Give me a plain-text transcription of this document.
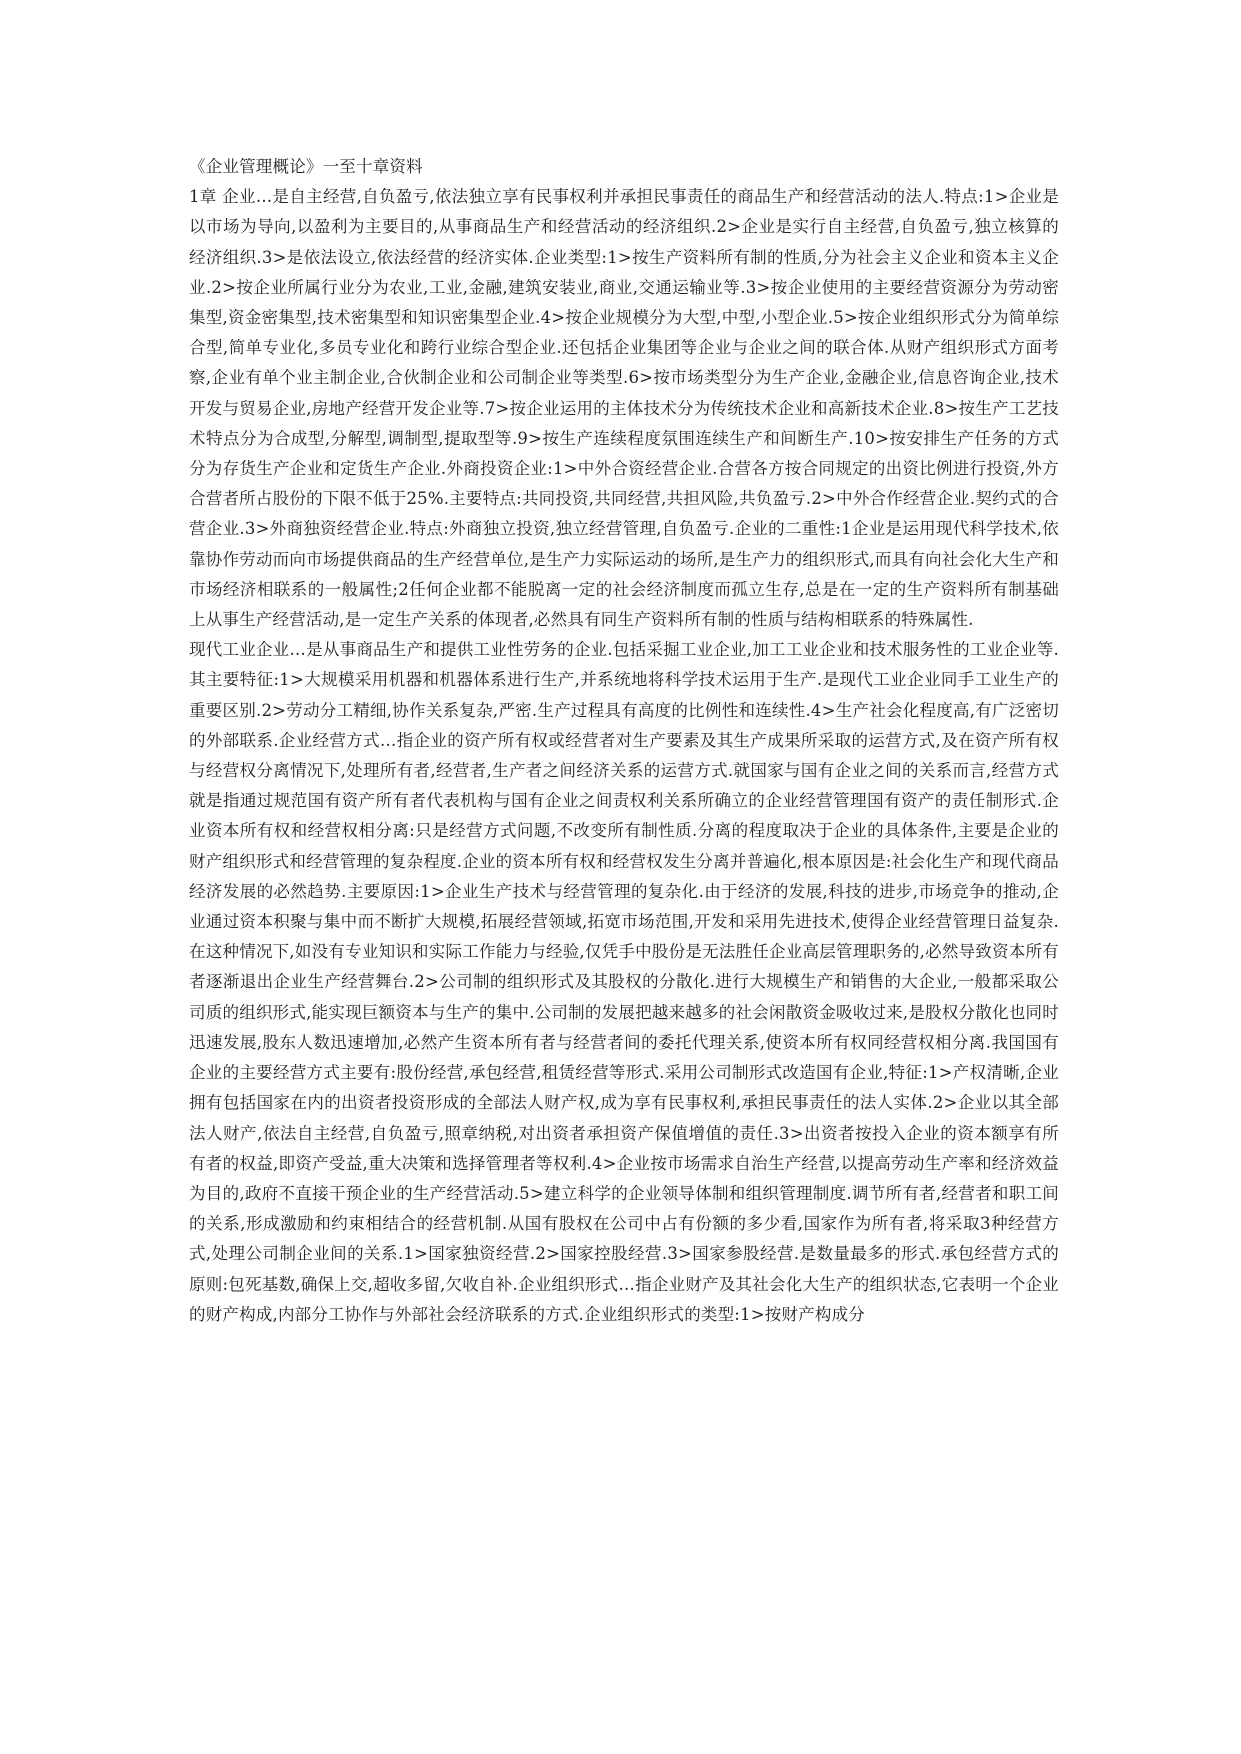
《企业管理概论》一至十章资料

1章 企业…是自主经营,自负盈亏,依法独立享有民事权利并承担民事责任的商品生产和经营活动的法人.特点:1>企业是以市场为导向,以盈利为主要目的,从事商品生产和经营活动的经济组织.2>企业是实行自主经营,自负盈亏,独立核算的经济组织.3>是依法设立,依法经营的经济实体.企业类型:1>按生产资料所有制的性质,分为社会主义企业和资本主义企业.2>按企业所属行业分为农业,工业,金融,建筑安装业,商业,交通运输业等.3>按企业使用的主要经营资源分为劳动密集型,资金密集型,技术密集型和知识密集型企业.4>按企业规模分为大型,中型,小型企业.5>按企业组织形式分为简单综合型,简单专业化,多员专业化和跨行业综合型企业.还包括企业集团等企业与企业之间的联合体.从财产组织形式方面考察,企业有单个业主制企业,合伙制企业和公司制企业等类型.6>按市场类型分为生产企业,金融企业,信息咨询企业,技术开发与贸易企业,房地产经营开发企业等.7>按企业运用的主体技术分为传统技术企业和高新技术企业.8>按生产工艺技术特点分为合成型,分解型,调制型,提取型等.9>按生产连续程度氛围连续生产和间断生产.10>按安排生产任务的方式分为存货生产企业和定货生产企业.外商投资企业:1>中外合资经营企业.合营各方按合同规定的出资比例进行投资,外方合营者所占股份的下限不低于25%.主要特点:共同投资,共同经营,共担风险,共负盈亏.2>中外合作经营企业.契约式的合营企业.3>外商独资经营企业.特点:外商独立投资,独立经营管理,自负盈亏.企业的二重性:1企业是运用现代科学技术,依靠协作劳动而向市场提供商品的生产经营单位,是生产力实际运动的场所,是生产力的组织形式,而具有向社会化大生产和市场经济相联系的一般属性;2任何企业都不能脱离一定的社会经济制度而孤立生存,总是在一定的生产资料所有制基础上从事生产经营活动,是一定生产关系的体现者,必然具有同生产资料所有制的性质与结构相联系的特殊属性.

现代工业企业…是从事商品生产和提供工业性劳务的企业.包括采掘工业企业,加工工业企业和技术服务性的工业企业等.其主要特征:1>大规模采用机器和机器体系进行生产,并系统地将科学技术运用于生产.是现代工业企业同手工业生产的重要区别.2>劳动分工精细,协作关系复杂,严密.生产过程具有高度的比例性和连续性.4>生产社会化程度高,有广泛密切的外部联系.企业经营方式…指企业的资产所有权或经营者对生产要素及其生产成果所采取的运营方式,及在资产所有权与经营权分离情况下,处理所有者,经营者,生产者之间经济关系的运营方式.就国家与国有企业之间的关系而言,经营方式就是指通过规范国有资产所有者代表机构与国有企业之间责权利关系所确立的企业经营管理国有资产的责任制形式.企业资本所有权和经营权相分离:只是经营方式问题,不改变所有制性质.分离的程度取决于企业的具体条件,主要是企业的财产组织形式和经营管理的复杂程度.企业的资本所有权和经营权发生分离并普遍化,根本原因是:社会化生产和现代商品经济发展的必然趋势.主要原因:1>企业生产技术与经营管理的复杂化.由于经济的发展,科技的进步,市场竞争的推动,企业通过资本积聚与集中而不断扩大规模,拓展经营领域,拓宽市场范围,开发和采用先进技术,使得企业经营管理日益复杂.在这种情况下,如没有专业知识和实际工作能力与经验,仅凭手中股份是无法胜任企业高层管理职务的,必然导致资本所有者逐渐退出企业生产经营舞台.2>公司制的组织形式及其股权的分散化.进行大规模生产和销售的大企业,一般都采取公司质的组织形式,能实现巨额资本与生产的集中.公司制的发展把越来越多的社会闲散资金吸收过来,是股权分散化也同时迅速发展,股东人数迅速增加,必然产生资本所有者与经营者间的委托代理关系,使资本所有权同经营权相分离.我国国有企业的主要经营方式主要有:股份经营,承包经营,租赁经营等形式.采用公司制形式改造国有企业,特征:1>产权清晰,企业拥有包括国家在内的出资者投资形成的全部法人财产权,成为享有民事权利,承担民事责任的法人实体.2>企业以其全部法人财产,依法自主经营,自负盈亏,照章纳税,对出资者承担资产保值增值的责任.3>出资者按投入企业的资本额享有所有者的权益,即资产受益,重大决策和选择管理者等权利.4>企业按市场需求自治生产经营,以提高劳动生产率和经济效益为目的,政府不直接干预企业的生产经营活动.5>建立科学的企业领导体制和组织管理制度.调节所有者,经营者和职工间的关系,形成激励和约束相结合的经营机制.从国有股权在公司中占有份额的多少看,国家作为所有者,将采取3种经营方式,处理公司制企业间的关系.1>国家独资经营.2>国家控股经营.3>国家参股经营.是数量最多的形式.承包经营方式的原则:包死基数,确保上交,超收多留,欠收自补.企业组织形式…指企业财产及其社会化大生产的组织状态,它表明一个企业的财产构成,内部分工协作与外部社会经济联系的方式.企业组织形式的类型:1>按财产构成分
